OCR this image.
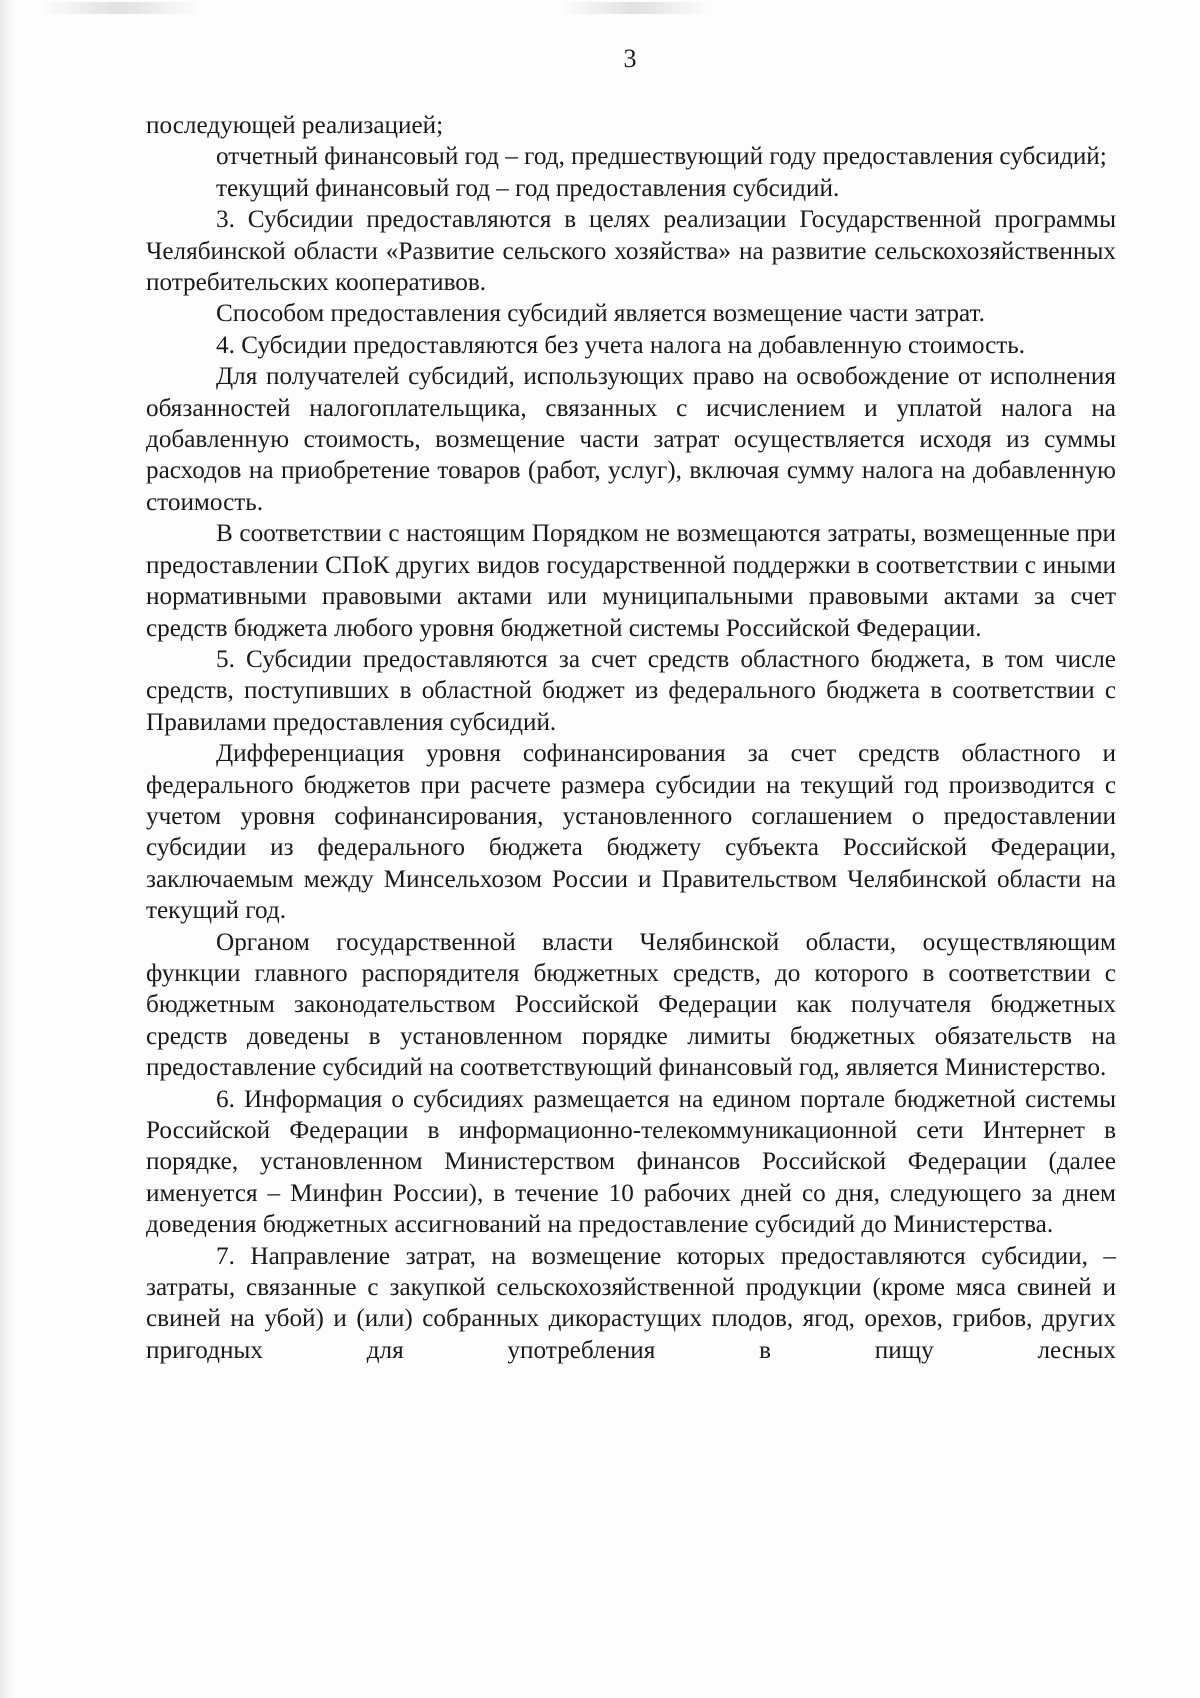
3

последующей реализацией;

отчетный финансовый год – год, предшествующий году предоставления субсидий;

текущий финансовый год – год предоставления субсидий.

3. Субсидии предоставляются в целях реализации Государственной программы Челябинской области «Развитие сельского хозяйства» на развитие сельскохозяйственных потребительских кооперативов.

Способом предоставления субсидий является возмещение части затрат.

4. Субсидии предоставляются без учета налога на добавленную стоимость.

Для получателей субсидий, использующих право на освобождение от исполнения обязанностей налогоплательщика, связанных с исчислением и уплатой налога на добавленную стоимость, возмещение части затрат осуществляется исходя из суммы расходов на приобретение товаров (работ, услуг), включая сумму налога на добавленную стоимость.

В соответствии с настоящим Порядком не возмещаются затраты, возмещенные при предоставлении СПоК других видов государственной поддержки в соответствии с иными нормативными правовыми актами или муниципальными правовыми актами за счет средств бюджета любого уровня бюджетной системы Российской Федерации.

5. Субсидии предоставляются за счет средств областного бюджета, в том числе средств, поступивших в областной бюджет из федерального бюджета в соответствии с Правилами предоставления субсидий.

Дифференциация уровня софинансирования за счет средств областного и федерального бюджетов при расчете размера субсидии на текущий год производится с учетом уровня софинансирования, установленного соглашением о предоставлении субсидии из федерального бюджета бюджету субъекта Российской Федерации, заключаемым между Минсельхозом России и Правительством Челябинской области на текущий год.

Органом государственной власти Челябинской области, осуществляющим функции главного распорядителя бюджетных средств, до которого в соответствии с бюджетным законодательством Российской Федерации как получателя бюджетных средств доведены в установленном порядке лимиты бюджетных обязательств на предоставление субсидий на соответствующий финансовый год, является Министерство.

6. Информация о субсидиях размещается на едином портале бюджетной системы Российской Федерации в информационно-телекоммуникационной сети Интернет в порядке, установленном Министерством финансов Российской Федерации (далее именуется – Минфин России), в течение 10 рабочих дней со дня, следующего за днем доведения бюджетных ассигнований на предоставление субсидий до Министерства.

7. Направление затрат, на возмещение которых предоставляются субсидии, – затраты, связанные с закупкой сельскохозяйственной продукции (кроме мяса свиней и свиней на убой) и (или) собранных дикорастущих плодов, ягод, орехов, грибов, других пригодных для употребления в пищу лесных
